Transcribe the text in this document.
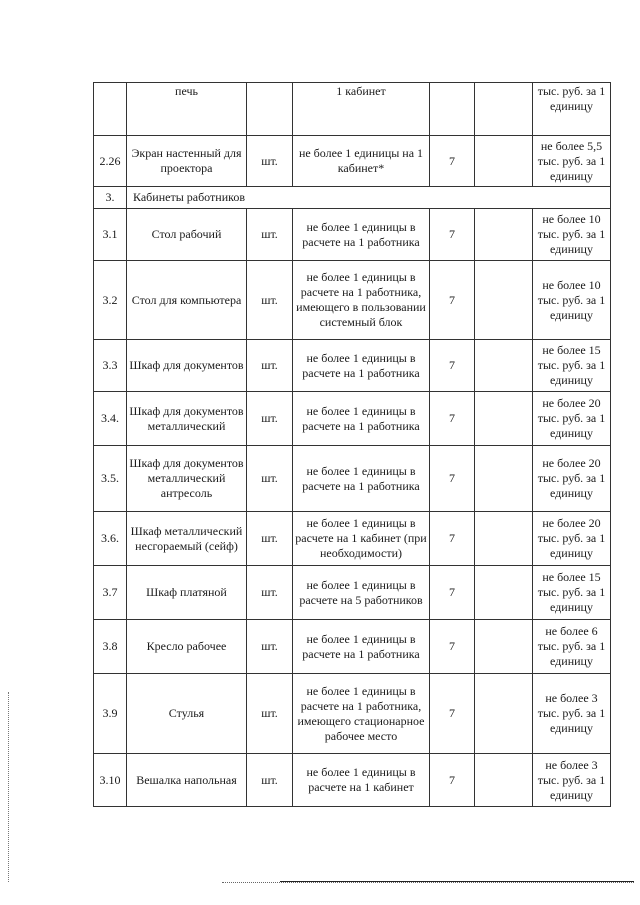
	печь		1 кабинет			тыс. руб. за 1 единицу
2.26	Экран настенный для проектора	шт.	не более 1 единицы на 1 кабинет*	7		не более 5,5 тыс. руб. за 1 единицу
3.	Кабинеты работников					
3.1	Стол рабочий	шт.	не более 1 единицы в расчете на 1 работника	7		не более 10 тыс. руб. за 1 единицу
3.2	Стол для компьютера	шт.	не более 1 единицы в расчете на 1 работника, имеющего в пользовании системный блок	7		не более 10 тыс. руб. за 1 единицу
3.3	Шкаф для документов	шт.	не более 1 единицы в расчете на 1 работника	7		не более 15 тыс. руб. за 1 единицу
3.4.	Шкаф для документов металлический	шт.	не более 1 единицы в расчете на 1 работника	7		не более 20 тыс. руб. за 1 единицу
3.5.	Шкаф для документов металлический антресоль	шт.	не более 1 единицы в расчете на 1 работника	7		не более 20 тыс. руб. за 1 единицу
3.6.	Шкаф металлический несгораемый (сейф)	шт.	не более 1 единицы в расчете на 1 кабинет (при необходимости)	7		не более 20 тыс. руб. за 1 единицу
3.7	Шкаф платяной	шт.	не более 1 единицы в расчете на 5 работников	7		не более 15 тыс. руб. за 1 единицу
3.8	Кресло рабочее	шт.	не более 1 единицы в расчете на 1 работника	7		не более 6 тыс. руб. за 1 единицу
3.9	Стулья	шт.	не более 1 единицы в расчете на 1 работника, имеющего стационарное рабочее место	7		не более 3 тыс. руб. за 1 единицу
3.10	Вешалка напольная	шт.	не более 1 единицы в расчете на 1 кабинет	7		не более 3 тыс. руб. за 1 единицу
